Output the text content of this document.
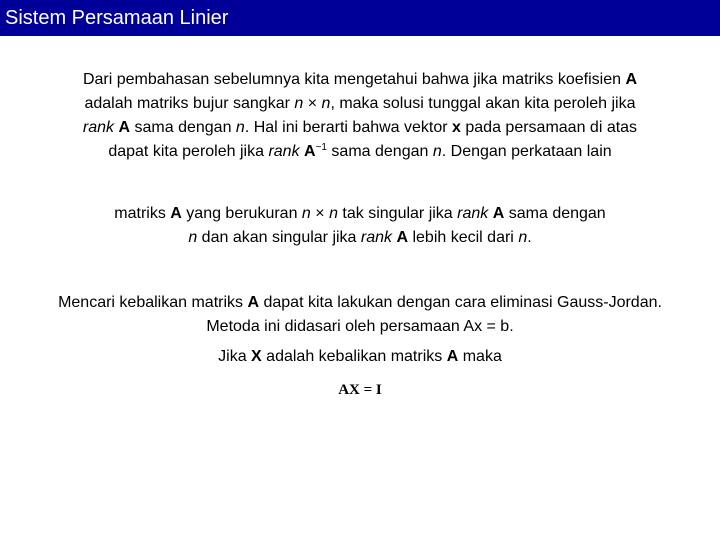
Sistem Persamaan Linier
Dari pembahasan sebelumnya kita mengetahui bahwa jika matriks koefisien A adalah matriks bujur sangkar n × n, maka solusi tunggal akan kita peroleh jika rank A sama dengan n. Hal ini berarti bahwa vektor x pada persamaan di atas dapat kita peroleh jika rank $A^{-1}$ sama dengan n. Dengan perkataan lain
matriks A yang berukuran n × n tak singular jika rank A sama dengan n dan akan singular jika rank A lebih kecil dari n.
Mencari kebalikan matriks A dapat kita lakukan dengan cara eliminasi Gauss-Jordan. Metoda ini didasari oleh persamaan Ax = b.
Jika X adalah kebalikan matriks A maka
AX = I
